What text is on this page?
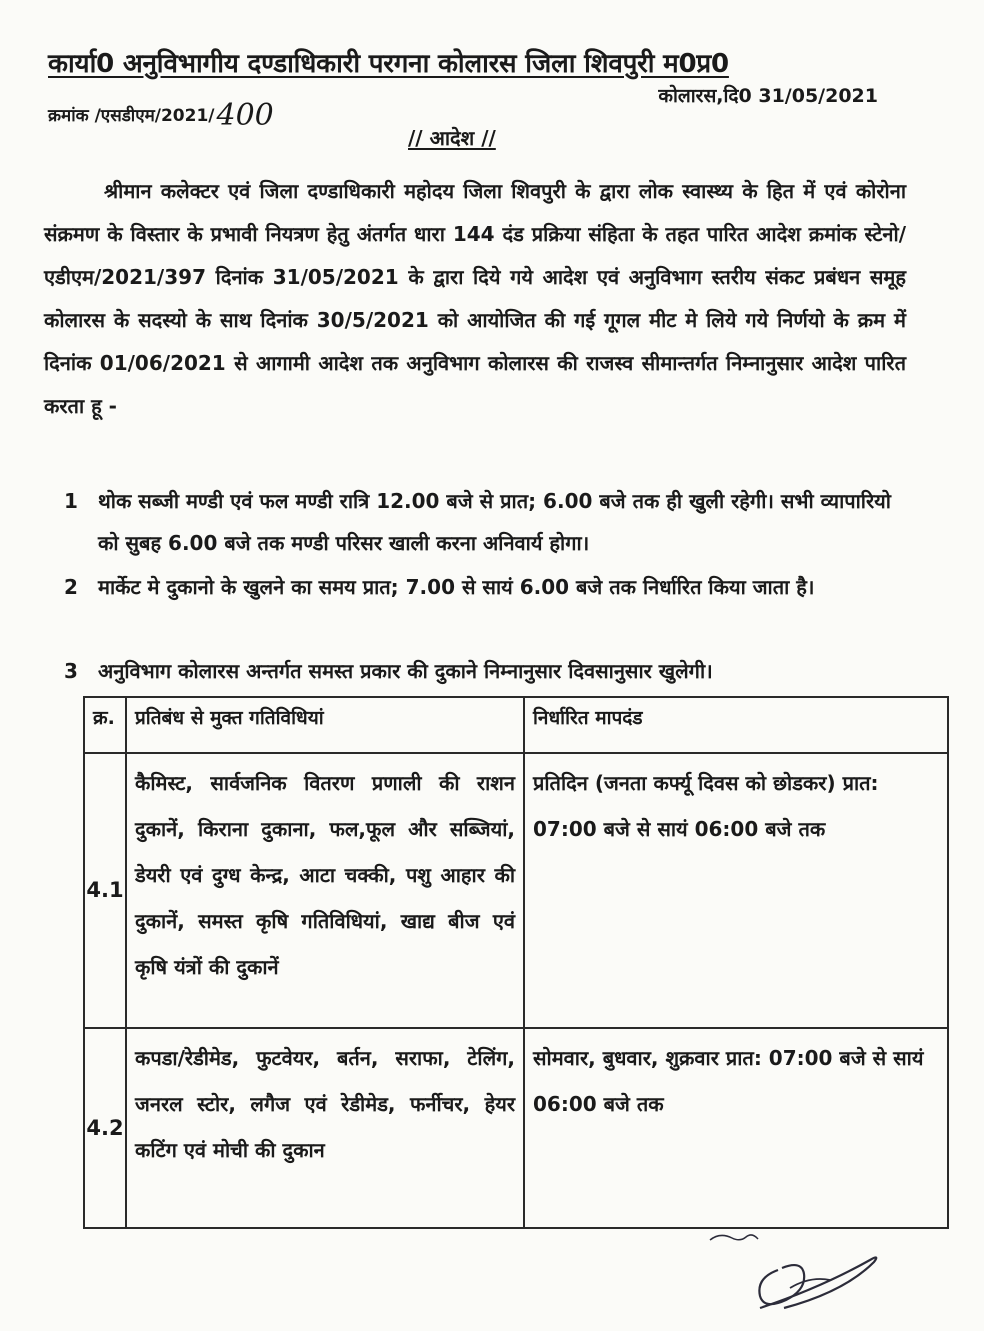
कार्या0 अनुविभागीय दण्डाधिकारी परगना कोलारस जिला शिवपुरी म0प्र0
क्रमांक /एसडीएम/2021/400
कोलारस,दि0 31/05/2021
// आदेश //
श्रीमान कलेक्टर एवं जिला दण्डाधिकारी महोदय जिला शिवपुरी के द्वारा लोक स्वास्थ्य के हित में एवं कोरोना संक्रमण के विस्तार के प्रभावी नियत्रण हेतु अंतर्गत धारा 144 दंड प्रक्रिया संहिता के तहत पारित आदेश क्रमांक स्टेनो/एडीएम/2021/397 दिनांक 31/05/2021 के द्वारा दिये गये आदेश एवं अनुविभाग स्तरीय संकट प्रबंधन समूह कोलारस के सदस्यो के साथ दिनांक 30/5/2021 को आयोजित की गई गूगल मीट मे लिये गये निर्णयो के क्रम में दिनांक 01/06/2021 से आगामी आदेश तक अनुविभाग कोलारस की राजस्व सीमान्तर्गत निम्नानुसार आदेश पारित करता हू -
1	थोक सब्जी मण्डी एवं फल मण्डी रात्रि 12.00 बजे से प्रात; 6.00 बजे तक ही खुली रहेगी। सभी व्यापारियो को सुबह 6.00 बजे तक मण्डी परिसर खाली करना अनिवार्य होगा।
2	मार्केट मे दुकानो के खुलने का समय प्रात; 7.00 से सायं 6.00 बजे तक निर्धारित किया जाता है।
3	अनुविभाग कोलारस अन्तर्गत समस्त प्रकार की दुकाने निम्नानुसार दिवसानुसार खुलेगी।
क्र.	प्रतिबंध से मुक्त गतिविधियां	निर्धारित मापदंड
4.1	कैमिस्ट, सार्वजनिक वितरण प्रणाली की राशन दुकानें, किराना दुकाना, फल,फूल और सब्जियां, डेयरी एवं दुग्ध केन्द्र, आटा चक्की, पशु आहार की दुकानें, समस्त कृषि गतिविधियां, खाद्य बीज एवं कृषि यंत्रों की दुकानें	प्रतिदिन (जनता कर्फ्यू दिवस को छोडकर) प्रात: 07:00 बजे से सायं 06:00 बजे तक
4.2	कपडा/रेडीमेड, फुटवेयर, बर्तन, सराफा, टेलिंग, जनरल स्टोर, लगैज एवं रेडीमेड, फर्नीचर, हेयर कटिंग एवं मोची की दुकान	सोमवार, बुधवार, शुक्रवार प्रात: 07:00 बजे से सायं 06:00 बजे तक
